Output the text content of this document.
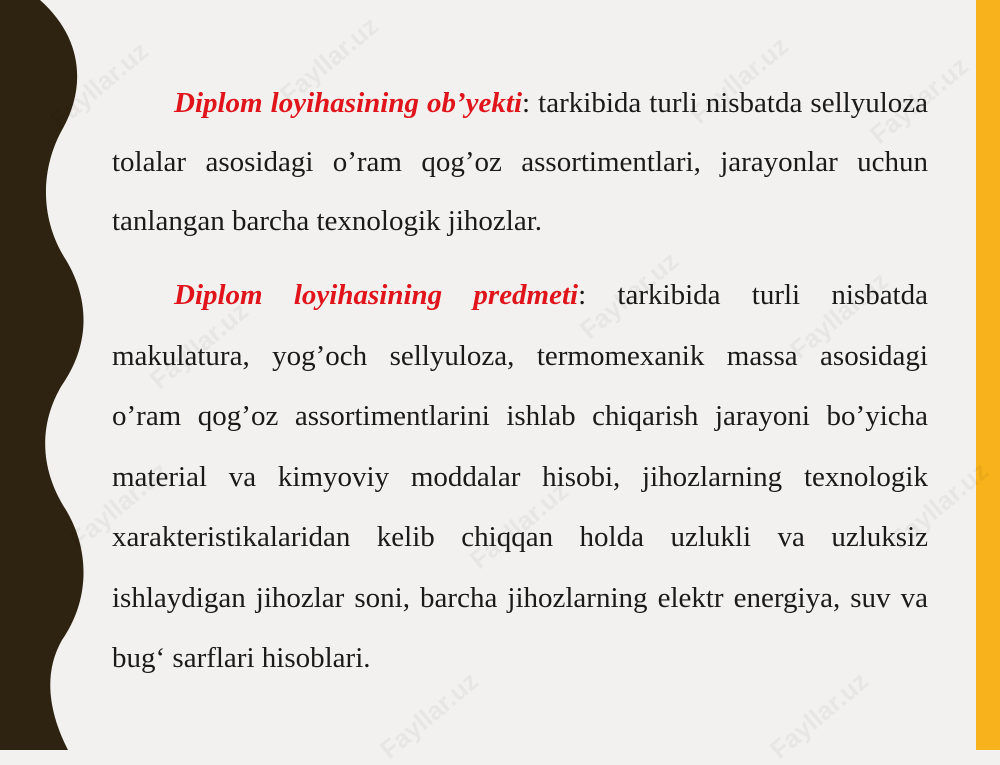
Diplom loyihasining ob’yekti: tarkibida turli nisbatda sellyuloza tolalar asosidagi o’ram qog’oz assortimentlari, jarayonlar uchun tanlangan barcha texnologik jihozlar.

Diplom loyihasining predmeti: tarkibida turli nisbatda makulatura, yog’och sellyuloza, termomexanik massa asosidagi o’ram qog’oz assortimentlarini ishlab chiqarish jarayoni bo’yicha material va kimyoviy moddalar hisobi, jihozlarning texnologik xarakteristikalaridan kelib chiqqan holda uzlukli va uzluksiz ishlaydigan jihozlar soni, barcha jihozlarning elektr energiya, suv va bug‘ sarflari hisoblari.
